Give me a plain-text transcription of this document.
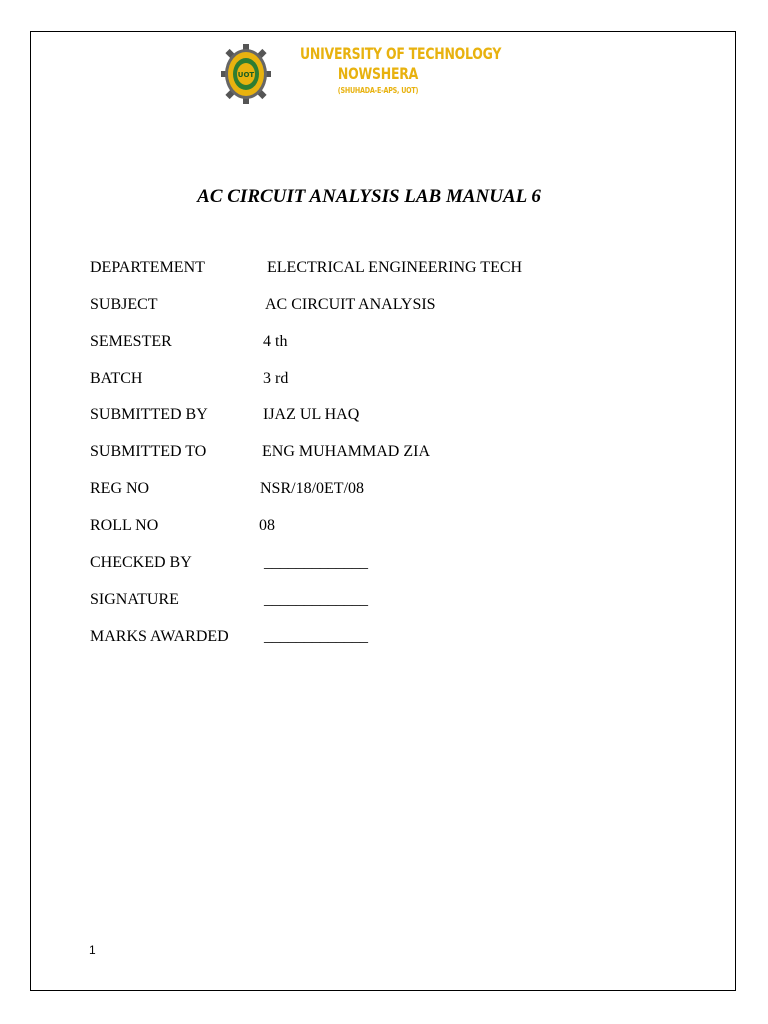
UOT
UNIVERSITY OF TECHNOLOGY
NOWSHERA
(SHUHADA-E-APS, UOT)
AC CIRCUIT ANALYSIS LAB MANUAL 6
DEPARTEMENT	ELECTRICAL ENGINEERING TECH
SUBJECT	AC CIRCUIT ANALYSIS
SEMESTER	4 th
BATCH	3 rd
SUBMITTED BY	IJAZ UL HAQ
SUBMITTED TO	ENG MUHAMMAD ZIA
REG NO	NSR/18/0ET/08
ROLL NO	08
CHECKED BY	_____________
SIGNATURE	_____________
MARKS AWARDED _____________
1
